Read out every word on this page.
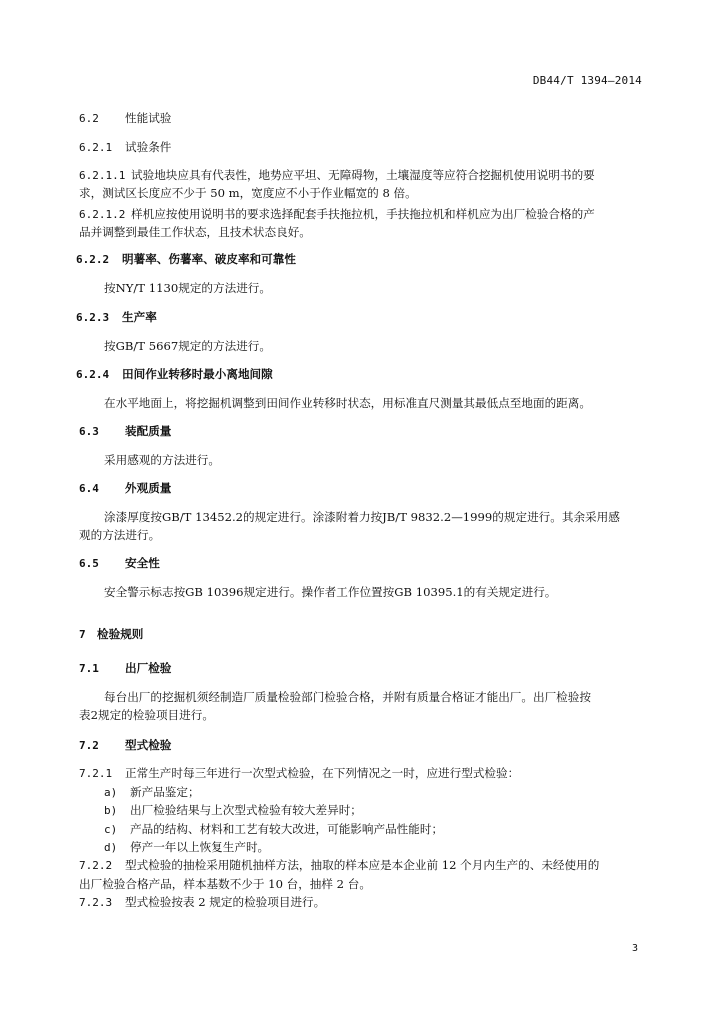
DB44/T 1394—2014
6.2 性能试验
6.2.1 试验条件
6.2.1.1 试验地块应具有代表性，地势应平坦、无障碍物，土壤湿度等应符合挖掘机使用说明书的要
求，测试区长度应不少于 50 m，宽度应不小于作业幅宽的 8 倍。
6.2.1.2 样机应按使用说明书的要求选择配套手扶拖拉机，手扶拖拉机和样机应为出厂检验合格的产
品并调整到最佳工作状态，且技术状态良好。
6.2.2 明薯率、伤薯率、破皮率和可靠性
按NY/T 1130规定的方法进行。
6.2.3 生产率
按GB/T 5667规定的方法进行。
6.2.4 田间作业转移时最小离地间隙
在水平地面上，将挖掘机调整到田间作业转移时状态，用标准直尺测量其最低点至地面的距离。
6.3 装配质量
采用感观的方法进行。
6.4 外观质量
涂漆厚度按GB/T 13452.2的规定进行。涂漆附着力按JB/T 9832.2—1999的规定进行。其余采用感
观的方法进行。
6.5 安全性
安全警示标志按GB 10396规定进行。操作者工作位置按GB 10395.1的有关规定进行。
7 检验规则
7.1 出厂检验
每台出厂的挖掘机须经制造厂质量检验部门检验合格，并附有质量合格证才能出厂。出厂检验按
表2规定的检验项目进行。
7.2 型式检验
7.2.1 正常生产时每三年进行一次型式检验，在下列情况之一时，应进行型式检验：
a) 新产品鉴定；
b) 出厂检验结果与上次型式检验有较大差异时；
c) 产品的结构、材料和工艺有较大改进，可能影响产品性能时；
d) 停产一年以上恢复生产时。
7.2.2 型式检验的抽检采用随机抽样方法，抽取的样本应是本企业前 12 个月内生产的、未经使用的
出厂检验合格产品，样本基数不少于 10 台，抽样 2 台。
7.2.3 型式检验按表 2 规定的检验项目进行。
3
